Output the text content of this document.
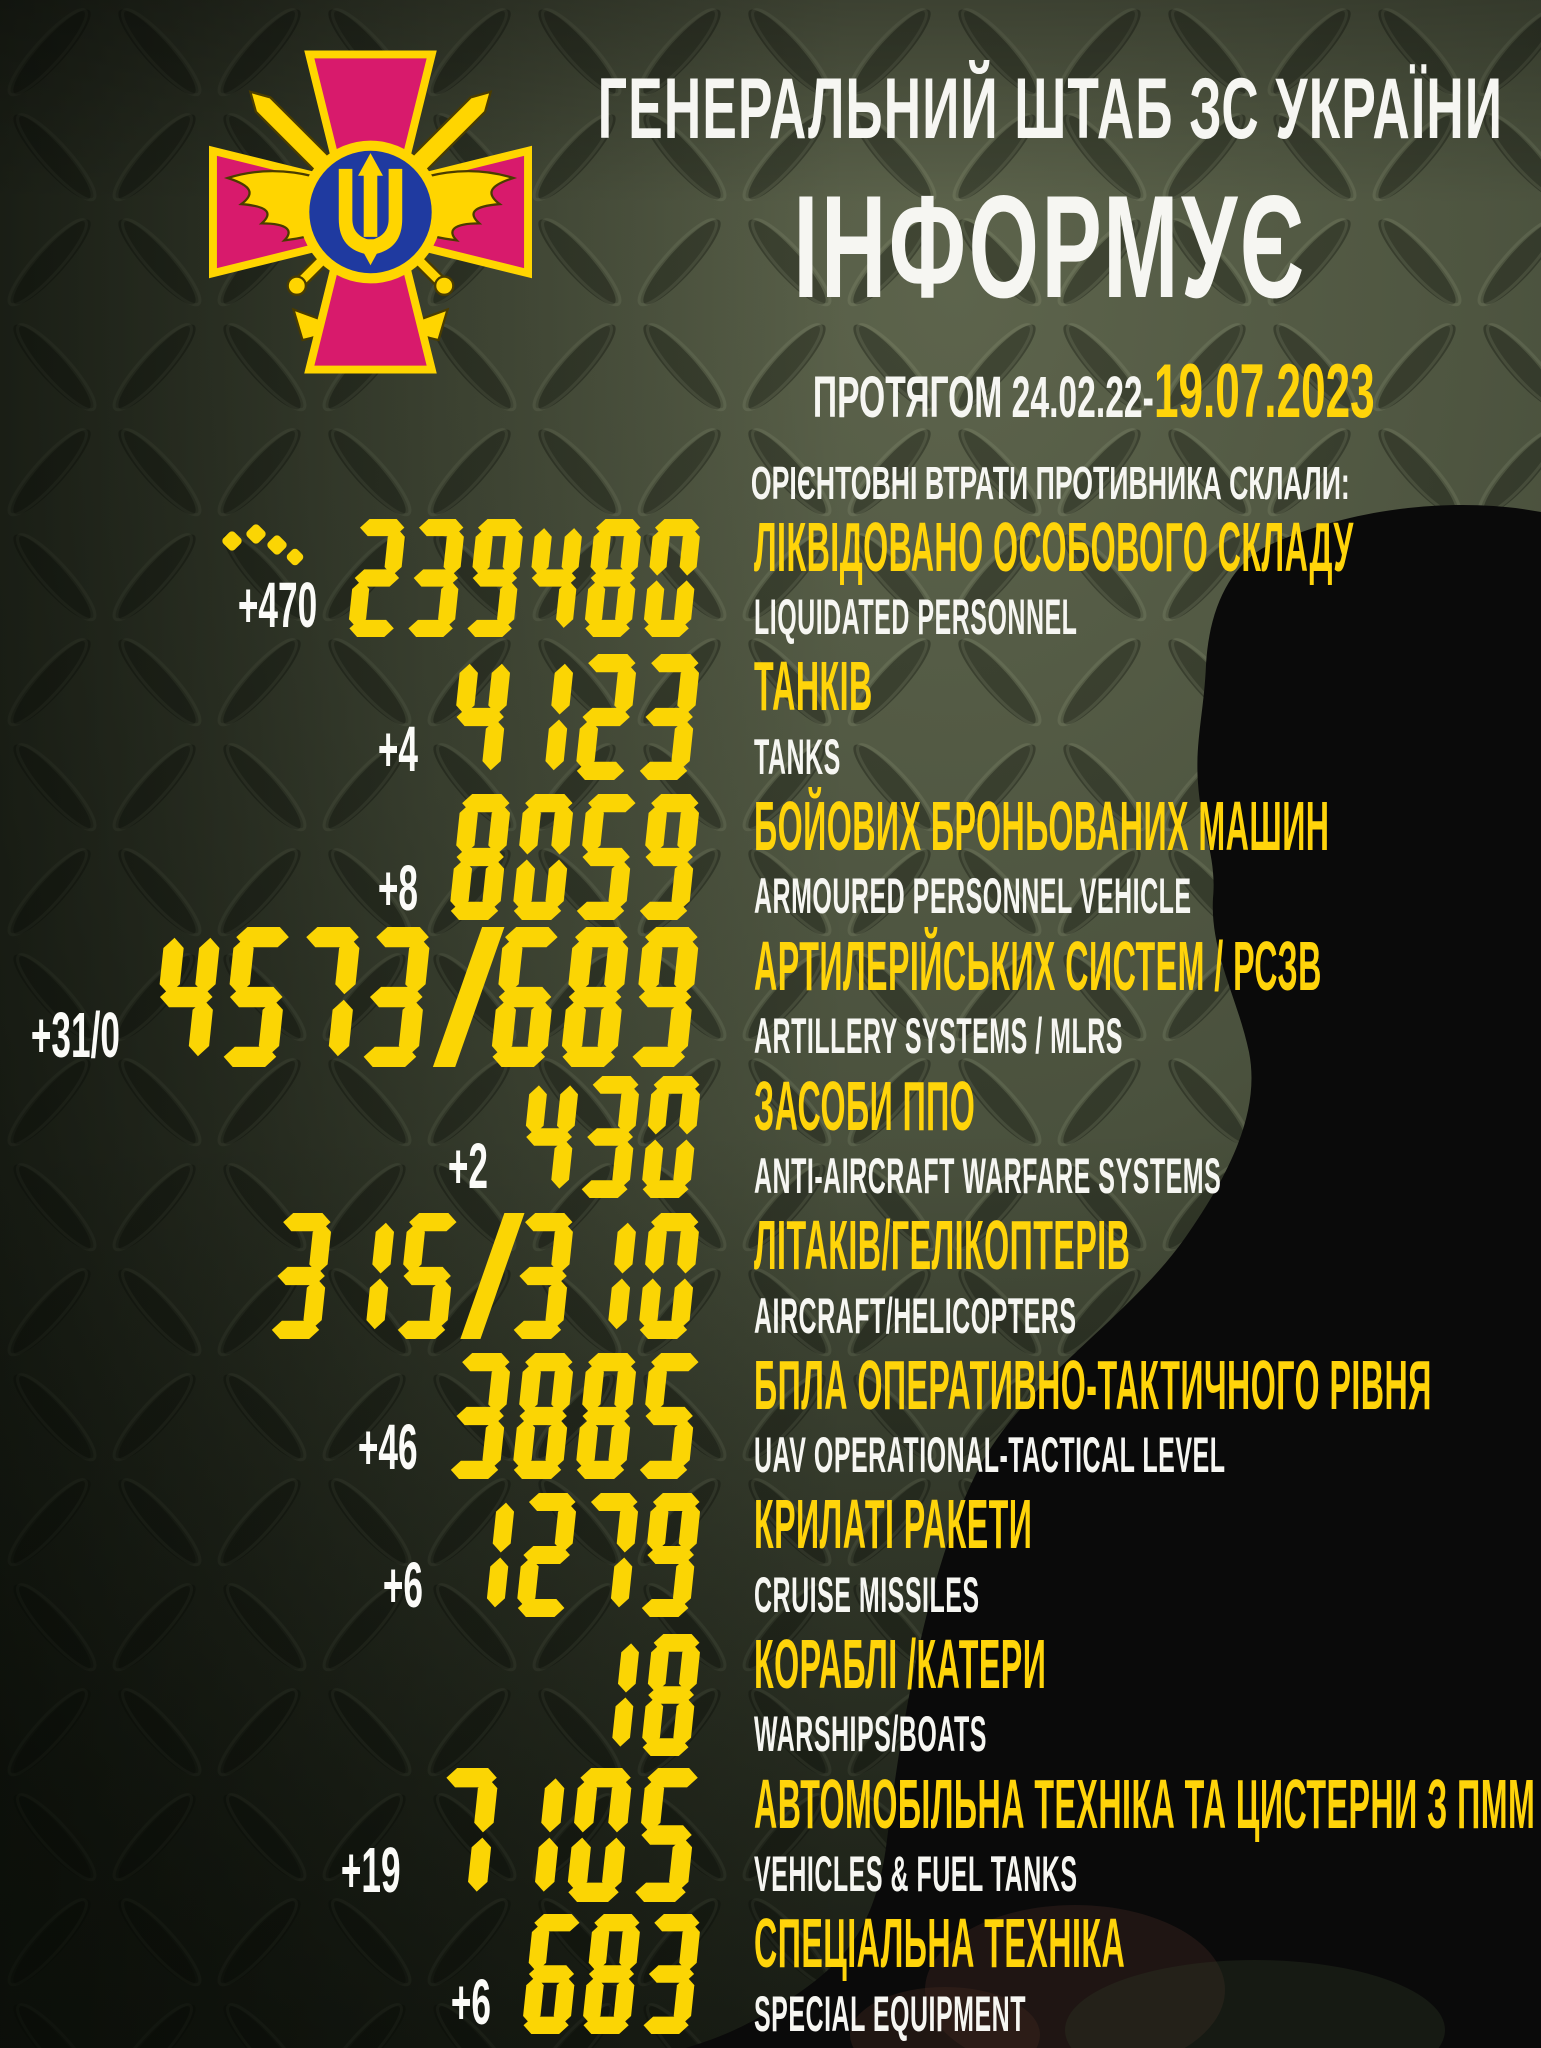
ГЕНЕРАЛЬНИЙ ШТАБ ЗС УКРАЇНИ
ІНФОРМУЄ
ПРОТЯГОМ 24.02.22- 19.07.2023
ОРІЄНТОВНІ ВТРАТИ ПРОТИВНИКА СКЛАЛИ:
+470
ЛІКВІДОВАНО ОСОБОВОГО СКЛАДУ
LIQUIDATED PERSONNEL
+4
ТАНКІВ
TANKS
+8
БОЙОВИХ БРОНЬОВАНИХ МАШИН
ARMOURED PERSONNEL VEHICLE
+31/0
АРТИЛЕРІЙСЬКИХ СИСТЕМ / РСЗВ
ARTILLERY SYSTEMS / MLRS
+2
ЗАСОБИ ППО
ANTI-AIRCRAFT WARFARE SYSTEMS
ЛІТАКІВ/ГЕЛІКОПТЕРІВ
AIRCRAFT/HELICOPTERS
+46
БПЛА ОПЕРАТИВНО-ТАКТИЧНОГО РІВНЯ
UAV OPERATIONAL-TACTICAL LEVEL
+6
КРИЛАТІ РАКЕТИ
CRUISE MISSILES
КОРАБЛІ /КАТЕРИ
WARSHIPS/BOATS
+19
АВТОМОБІЛЬНА ТЕХНІКА ТА ЦИСТЕРНИ З ПММ
VEHICLES & FUEL TANKS
+6
СПЕЦІАЛЬНА ТЕХНІКА
SPECIAL EQUIPMENT
